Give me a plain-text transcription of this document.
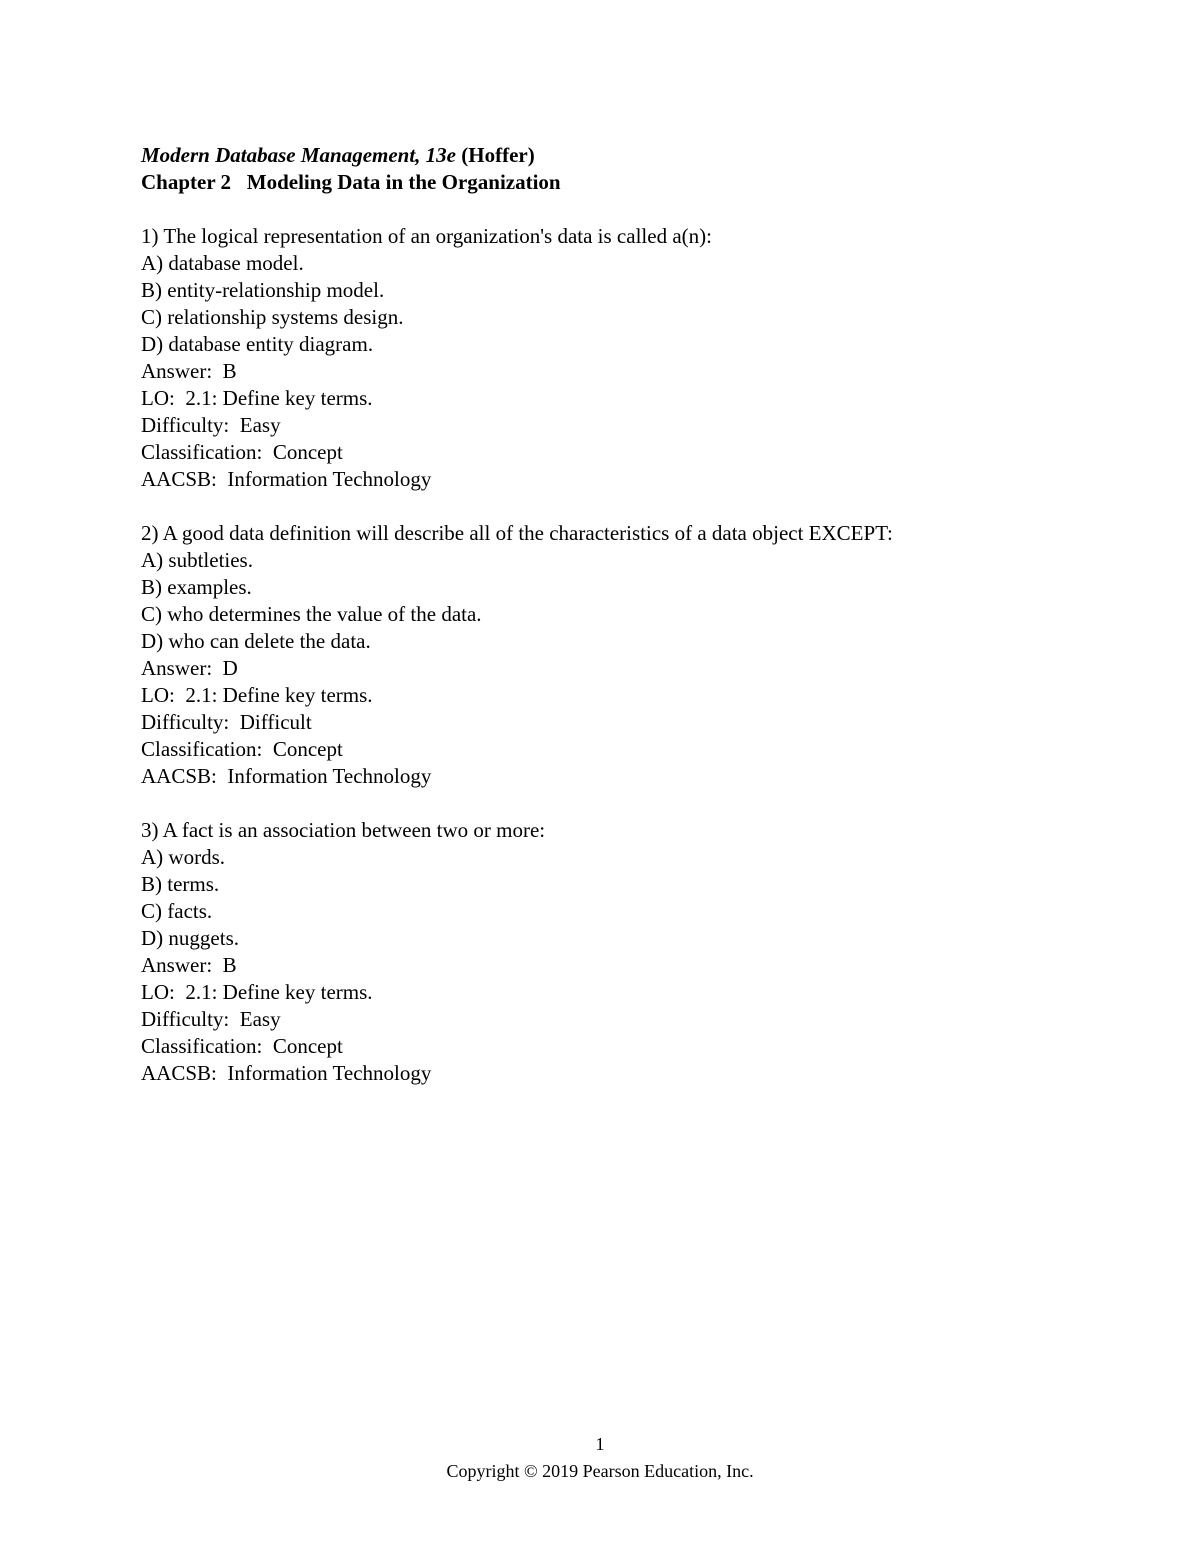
Modern Database Management, 13e (Hoffer)
Chapter 2   Modeling Data in the Organization
1) The logical representation of an organization's data is called a(n):
A) database model.
B) entity-relationship model.
C) relationship systems design.
D) database entity diagram.
Answer:  B
LO:  2.1: Define key terms.
Difficulty:  Easy
Classification:  Concept
AACSB:  Information Technology
2) A good data definition will describe all of the characteristics of a data object EXCEPT:
A) subtleties.
B) examples.
C) who determines the value of the data.
D) who can delete the data.
Answer:  D
LO:  2.1: Define key terms.
Difficulty:  Difficult
Classification:  Concept
AACSB:  Information Technology
3) A fact is an association between two or more:
A) words.
B) terms.
C) facts.
D) nuggets.
Answer:  B
LO:  2.1: Define key terms.
Difficulty:  Easy
Classification:  Concept
AACSB:  Information Technology
1
Copyright © 2019 Pearson Education, Inc.
